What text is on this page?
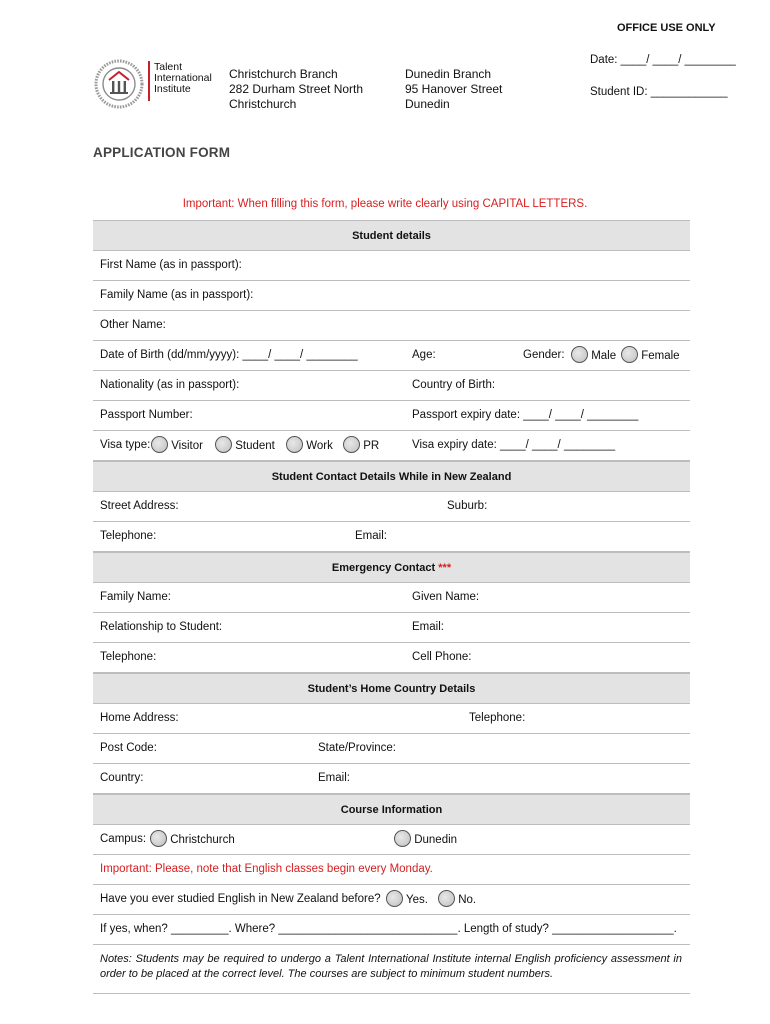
OFFICE USE ONLY
Date: ____/ ____/ ________
Student ID: ____________
Talent
International
Institute
Christchurch Branch
282 Durham Street North
Christchurch
Dunedin Branch
95 Hanover Street
Dunedin
APPLICATION FORM
Important: When filling this form, please write clearly using CAPITAL LETTERS.
Student details
First Name (as in passport):
Family Name (as in passport):
Other Name:
Date of Birth (dd/mm/yyyy): ____/ ____/ ________	Age:	Gender:	Male	Female
Nationality (as in passport):	Country of Birth:
Passport Number:	Passport expiry date: ____/ ____/ ________
Visa type:	Visitor	Student	Work	PR	Visa expiry date: ____/ ____/ ________
Student Contact Details While in New Zealand
Street Address:	Suburb:
Telephone:	Email:
Emergency Contact ***
Family Name:	Given Name:
Relationship to Student:	Email:
Telephone:	Cell Phone:
Student’s Home Country Details
Home Address:	Telephone:
Post Code:	State/Province:
Country:	Email:
Course Information
Campus:	Christchurch	Dunedin
Important: Please, note that English classes begin every Monday.
Have you ever studied English in New Zealand before?	Yes.	No.
If yes, when? _________. Where? ____________________________. Length of study? ___________________.
Notes: Students may be required to undergo a Talent International Institute internal English proficiency assessment in order to be placed at the correct level. The courses are subject to minimum student numbers.
